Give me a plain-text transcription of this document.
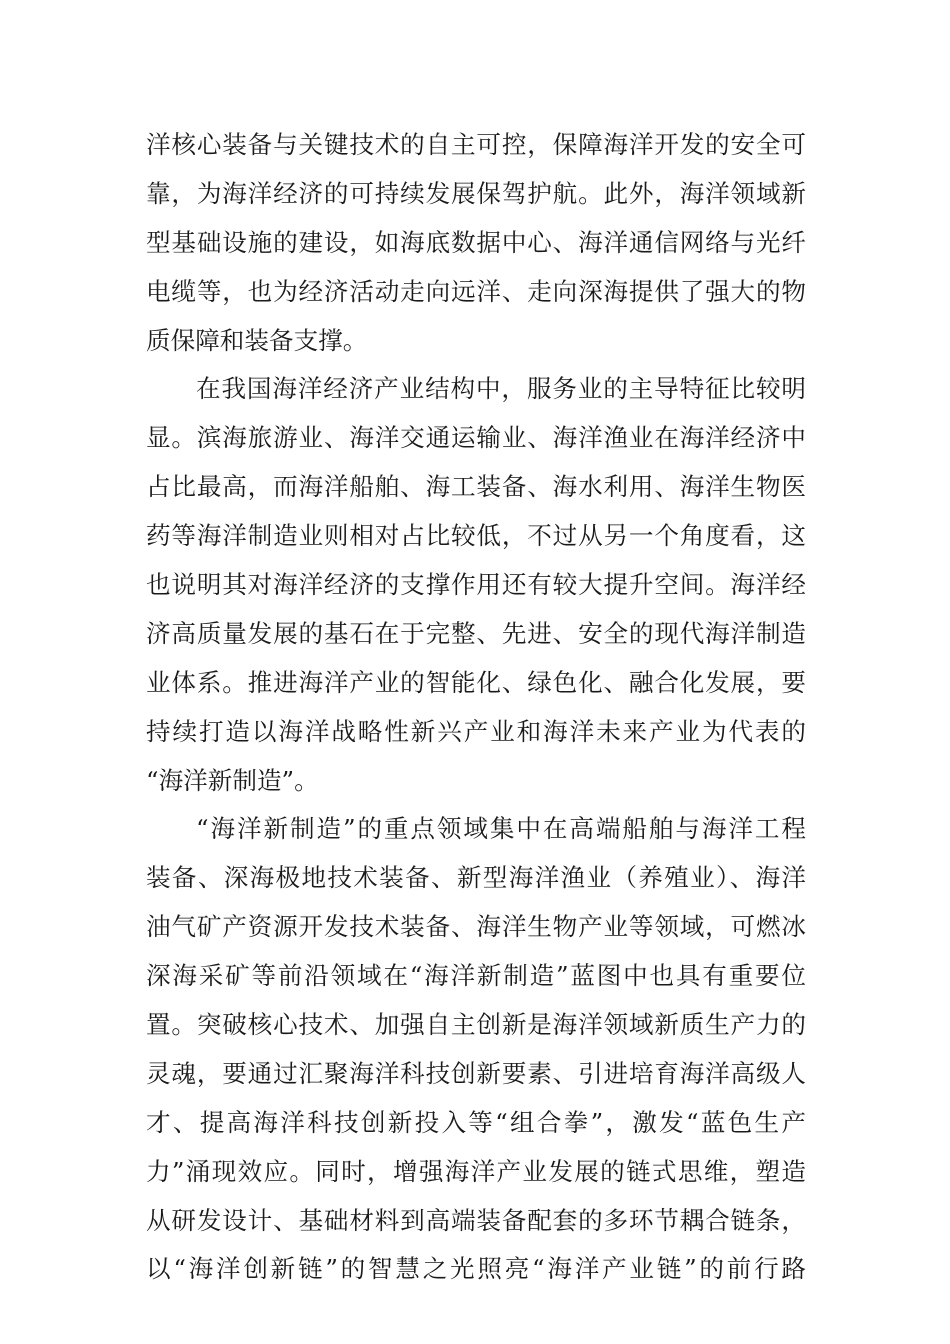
洋核心装备与关键技术的自主可控，保障海洋开发的安全可
靠，为海洋经济的可持续发展保驾护航。此外，海洋领域新
型基础设施的建设，如海底数据中心、海洋通信网络与光纤
电缆等，也为经济活动走向远洋、走向深海提供了强大的物
质保障和装备支撑。
在我国海洋经济产业结构中，服务业的主导特征比较明
显。滨海旅游业、海洋交通运输业、海洋渔业在海洋经济中
占比最高，而海洋船舶、海工装备、海水利用、海洋生物医
药等海洋制造业则相对占比较低，不过从另一个角度看，这
也说明其对海洋经济的支撑作用还有较大提升空间。海洋经
济高质量发展的基石在于完整、先进、安全的现代海洋制造
业体系。推进海洋产业的智能化、绿色化、融合化发展，要
持续打造以海洋战略性新兴产业和海洋未来产业为代表的
“海洋新制造”。
“海洋新制造”的重点领域集中在高端船舶与海洋工程
装备、深海极地技术装备、新型海洋渔业（养殖业）、海洋
油气矿产资源开发技术装备、海洋生物产业等领域，可燃冰
深海采矿等前沿领域在“海洋新制造”蓝图中也具有重要位
置。突破核心技术、加强自主创新是海洋领域新质生产力的
灵魂，要通过汇聚海洋科技创新要素、引进培育海洋高级人
才、提高海洋科技创新投入等“组合拳”，激发“蓝色生产
力”涌现效应。同时，增强海洋产业发展的链式思维，塑造
从研发设计、基础材料到高端装备配套的多环节耦合链条，
以“海洋创新链”的智慧之光照亮“海洋产业链”的前行路
